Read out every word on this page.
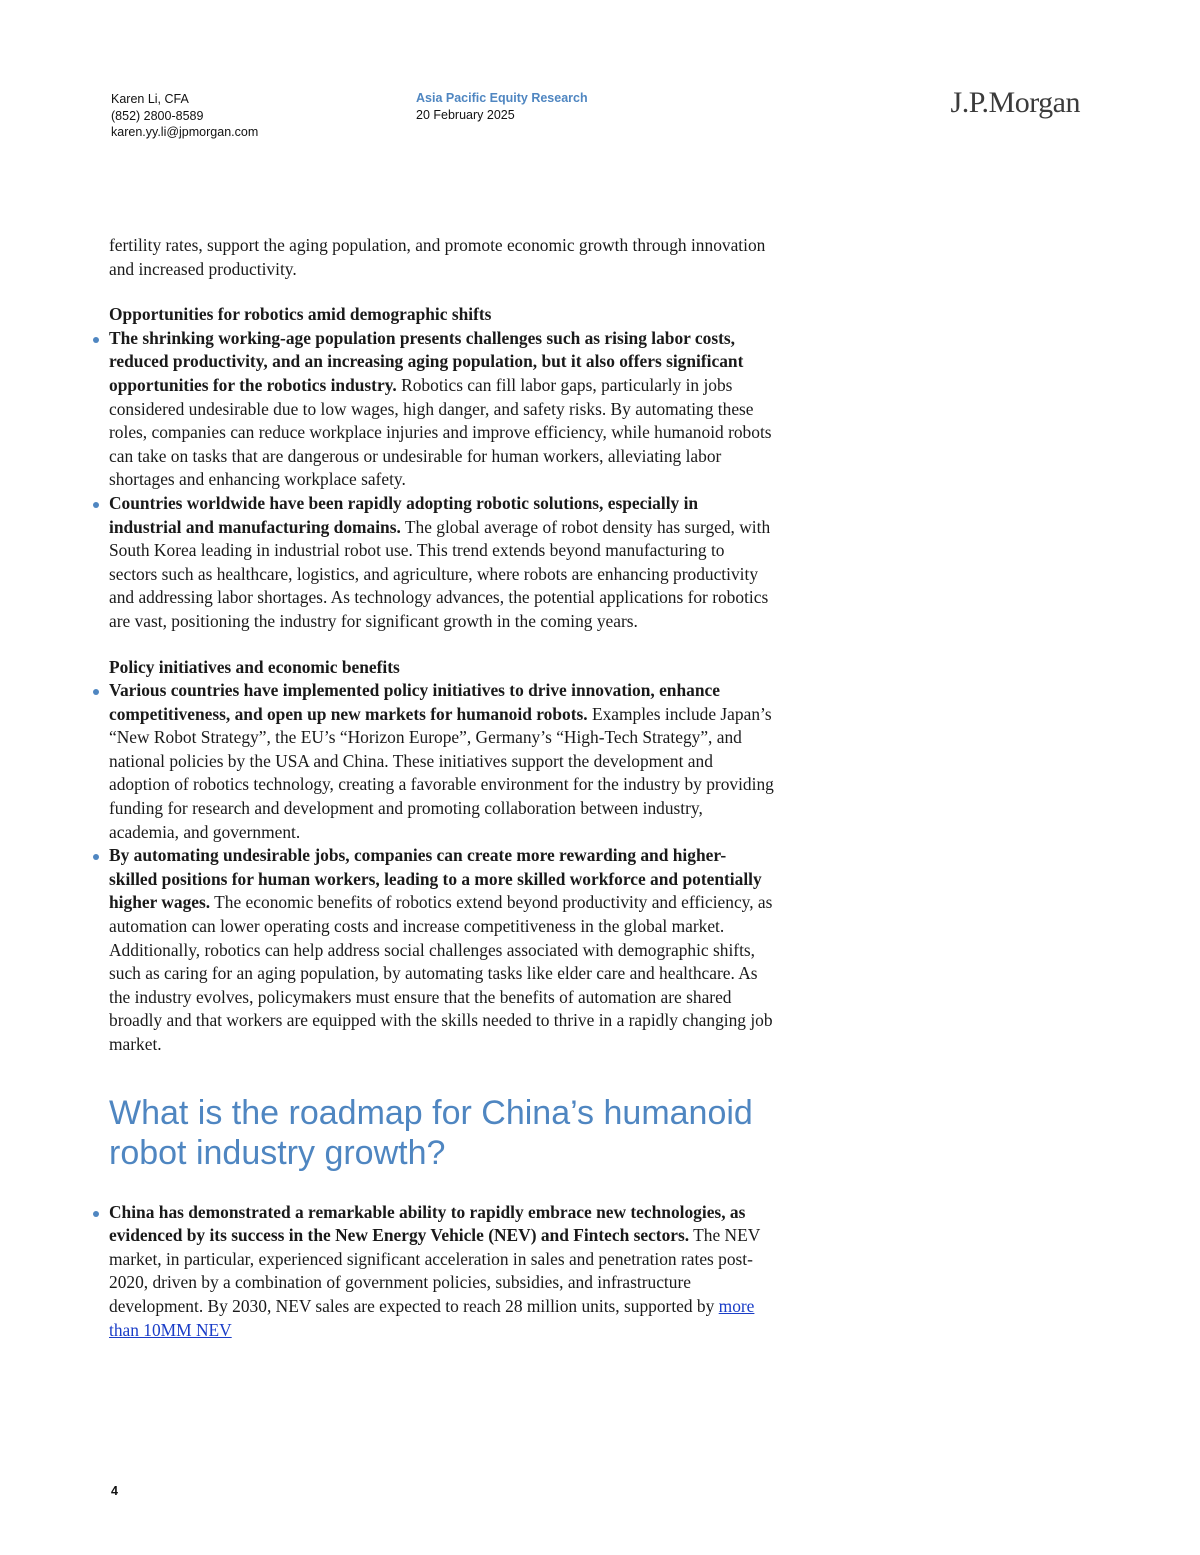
Karen Li, CFA
(852) 2800-8589
karen.yy.li@jpmorgan.com
Asia Pacific Equity Research
20 February 2025	J.P.Morgan

fertility rates, support the aging population, and promote economic growth through innovation and increased productivity.

Opportunities for robotics amid demographic shifts

The shrinking working-age population presents challenges such as rising labor costs, reduced productivity, and an increasing aging population, but it also offers significant opportunities for the robotics industry. Robotics can fill labor gaps, particularly in jobs considered undesirable due to low wages, high danger, and safety risks. By automating these roles, companies can reduce workplace injuries and improve efficiency, while humanoid robots can take on tasks that are dangerous or undesirable for human workers, alleviating labor shortages and enhancing workplace safety.
Countries worldwide have been rapidly adopting robotic solutions, especially in industrial and manufacturing domains. The global average of robot density has surged, with South Korea leading in industrial robot use. This trend extends beyond manufacturing to sectors such as healthcare, logistics, and agriculture, where robots are enhancing productivity and addressing labor shortages. As technology advances, the potential applications for robotics are vast, positioning the industry for significant growth in the coming years.

Policy initiatives and economic benefits

Various countries have implemented policy initiatives to drive innovation, enhance competitiveness, and open up new markets for humanoid robots. Examples include Japan’s “New Robot Strategy”, the EU’s “Horizon Europe”, Germany’s “High-Tech Strategy”, and national policies by the USA and China. These initiatives support the development and adoption of robotics technology, creating a favorable environment for the industry by providing funding for research and development and promoting collaboration between industry, academia, and government.
By automating undesirable jobs, companies can create more rewarding and higher-skilled positions for human workers, leading to a more skilled workforce and potentially higher wages. The economic benefits of robotics extend beyond productivity and efficiency, as automation can lower operating costs and increase competitiveness in the global market. Additionally, robotics can help address social challenges associated with demographic shifts, such as caring for an aging population, by automating tasks like elder care and healthcare. As the industry evolves, policymakers must ensure that the benefits of automation are shared broadly and that workers are equipped with the skills needed to thrive in a rapidly changing job market.
What is the roadmap for China’s humanoid robot industry growth?
China has demonstrated a remarkable ability to rapidly embrace new technologies, as evidenced by its success in the New Energy Vehicle (NEV) and Fintech sectors. The NEV market, in particular, experienced significant acceleration in sales and penetration rates post-2020, driven by a combination of government policies, subsidies, and infrastructure development. By 2030, NEV sales are expected to reach 28 million units, supported by more than 10MM NEV
4
